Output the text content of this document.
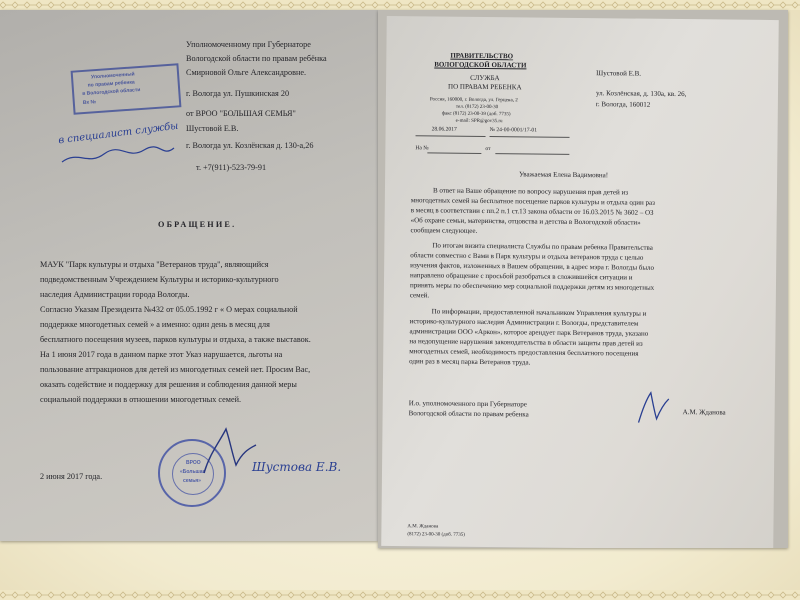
Уполномоченному при Губернаторе
Вологодской области по правам ребёнка
Смирновой Ольге Александровне.
г. Вологда ул. Пушкинская 20
от ВРОО "БОЛЬШАЯ СЕМЬЯ"
Шустовой Е.В.
г. Вологда ул. Козлёнская д. 130-а,26
т. +7(911)-523-79-91
Уполномоченный
по правам ребенка
в Вологодской области
Вх №
в специалист службы
ОБРАЩЕНИЕ.
МАУК "Парк культуры и отдыха "Ветеранов труда", являющийся
подведомственным Учреждением Культуры и историко-культурного
наследия Администрации города Вологды.
Согласно Указам Президента №432 от 05.05.1992 г « О мерах социальной
поддержке многодетных семей » а именно: один день в месяц для
бесплатного посещения музеев, парков культуры и отдыха, а также выставок.
На 1 июня 2017 года в данном парке этот Указ нарушается, льготы на
пользование аттракционов для детей из многодетных семей нет. Просим Вас,
оказать содействие и поддержку для решения и соблюдения данной меры
социальной поддержки в отношении многодетных семей.
2 июня 2017 года.
ВРОО
«Большая
семья»
Шустова Е.В.
ПРАВИТЕЛЬСТВО
ВОЛОГОДСКОЙ ОБЛАСТИ
СЛУЖБА
ПО ПРАВАМ РЕБЕНКА
Россия, 160000, г. Вологда, ул. Герцена, 2
тел. (8172) 23-00-30
факс (8172) 23-00-39 (доб. 7735)
e-mail: SPR@gov35.ru
28.06.2017	№ 24-00-0001/17-01
На №	от
Шустовой Е.В.
ул. Козлёнская, д. 130а, кв. 26,
г. Вологда, 160012
Уважаемая Елена Вадимовна!
В ответ на Ваше обращение по вопросу нарушения прав детей из
многодетных семей на бесплатное посещение парков культуры и отдыха один раз
в месяц в соответствии с пп.2 п.1 ст.13 закона области от 16.03.2015 № 3602 – ОЗ
«Об охране семьи, материнства, отцовства и детства в Вологодской области»
сообщаем следующее.
По итогам визита специалиста Службы по правам ребенка Правительства
области совместно с Вами в Парк культуры и отдыха ветеранов труда с целью
изучения фактов, изложенных в Вашем обращении, в адрес мэра г. Вологды было
направлено обращение с просьбой разобраться в сложившейся ситуации и
принять меры по обеспечению мер социальной поддержки детям из многодетных
семей.
По информации, предоставленной начальником Управления культуры и
историко-культурного наследия Администрации г. Вологды, представителем
администрации ООО «Аркон», которое арендует парк Ветеранов труда, указано
на недопущение нарушения законодательства в области защиты прав детей из
многодетных семей, необходимость предоставления бесплатного посещения
один раз в месяц парка Ветеранов труда.
И.о. уполномоченного при Губернаторе
Вологодской области по правам ребенка	А.М. Жданова
А.М. Жданова
(8172) 23-00-30 (доб. 7735)
